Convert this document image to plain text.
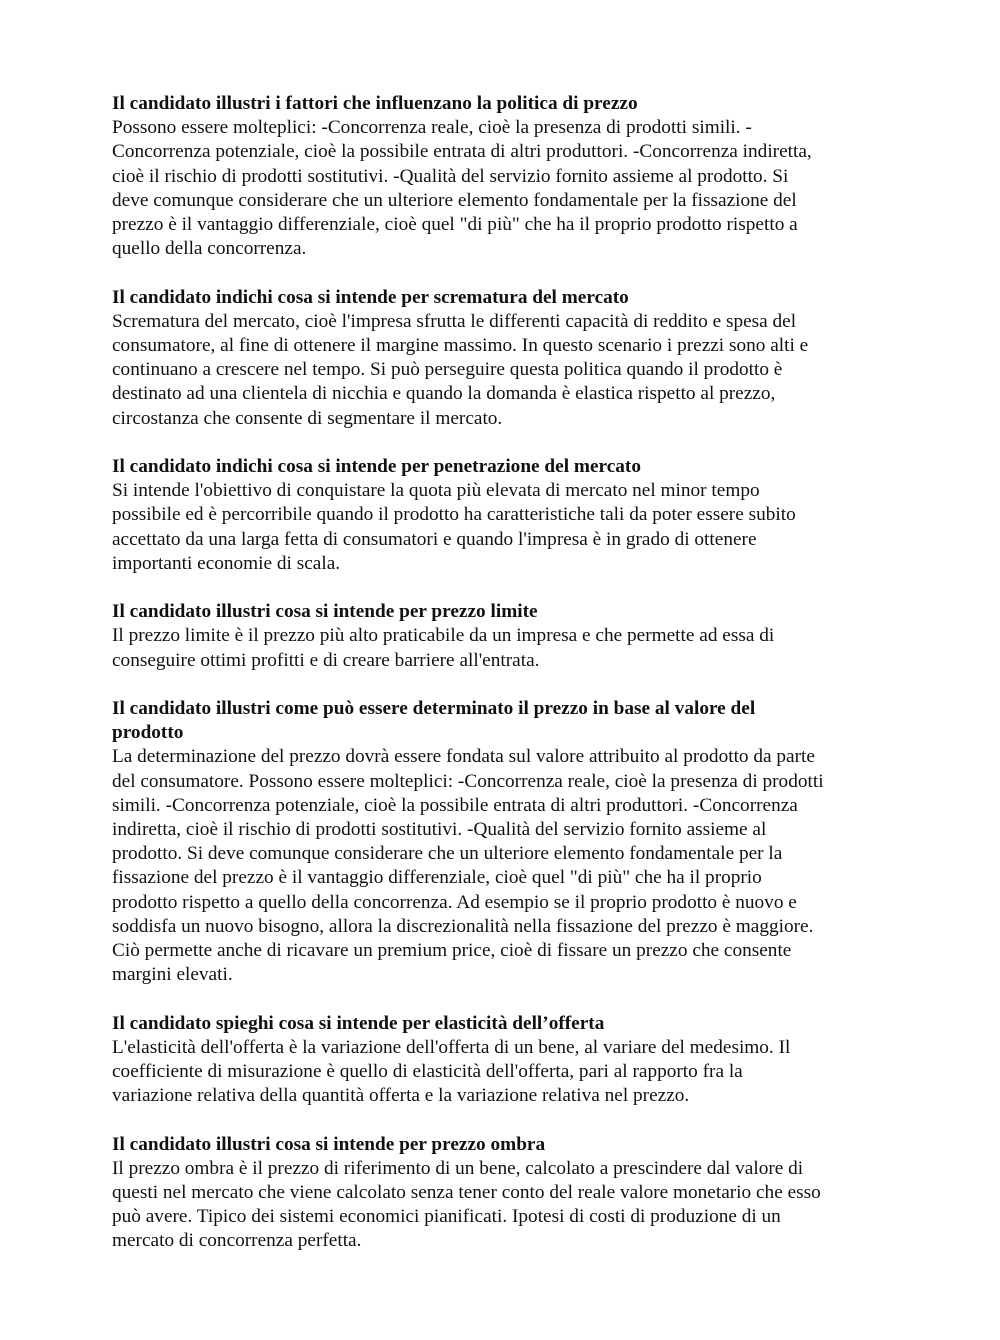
Il candidato illustri i fattori che influenzano la politica di prezzo

Possono essere molteplici: -Concorrenza reale, cioè la presenza di prodotti simili. -
Concorrenza potenziale, cioè la possibile entrata di altri produttori. -Concorrenza indiretta,
cioè il rischio di prodotti sostitutivi. -Qualità del servizio fornito assieme al prodotto. Si
deve comunque considerare che un ulteriore elemento fondamentale per la fissazione del
prezzo è il vantaggio differenziale, cioè quel "di più" che ha il proprio prodotto rispetto a
quello della concorrenza.

Il candidato indichi cosa si intende per scrematura del mercato

Scrematura del mercato, cioè l'impresa sfrutta le differenti capacità di reddito e spesa del
consumatore, al fine di ottenere il margine massimo. In questo scenario i prezzi sono alti e
continuano a crescere nel tempo. Si può perseguire questa politica quando il prodotto è
destinato ad una clientela di nicchia e quando la domanda è elastica rispetto al prezzo,
circostanza che consente di segmentare il mercato.

Il candidato indichi cosa si intende per penetrazione del mercato

Si intende l'obiettivo di conquistare la quota più elevata di mercato nel minor tempo
possibile ed è percorribile quando il prodotto ha caratteristiche tali da poter essere subito
accettato da una larga fetta di consumatori e quando l'impresa è in grado di ottenere
importanti economie di scala.

Il candidato illustri cosa si intende per prezzo limite

Il prezzo limite è il prezzo più alto praticabile da un impresa e che permette ad essa di
conseguire ottimi profitti e di creare barriere all'entrata.

Il candidato illustri come può essere determinato il prezzo in base al valore del
prodotto

La determinazione del prezzo dovrà essere fondata sul valore attribuito al prodotto da parte
del consumatore. Possono essere molteplici: -Concorrenza reale, cioè la presenza di prodotti
simili. -Concorrenza potenziale, cioè la possibile entrata di altri produttori. -Concorrenza
indiretta, cioè il rischio di prodotti sostitutivi. -Qualità del servizio fornito assieme al
prodotto. Si deve comunque considerare che un ulteriore elemento fondamentale per la
fissazione del prezzo è il vantaggio differenziale, cioè quel "di più" che ha il proprio
prodotto rispetto a quello della concorrenza. Ad esempio se il proprio prodotto è nuovo e
soddisfa un nuovo bisogno, allora la discrezionalità nella fissazione del prezzo è maggiore.
Ciò permette anche di ricavare un premium price, cioè di fissare un prezzo che consente
margini elevati.

Il candidato spieghi cosa si intende per elasticità dell’offerta

L'elasticità dell'offerta è la variazione dell'offerta di un bene, al variare del medesimo. Il
coefficiente di misurazione è quello di elasticità dell'offerta, pari al rapporto fra la
variazione relativa della quantità offerta e la variazione relativa nel prezzo.

Il candidato illustri cosa si intende per prezzo ombra

Il prezzo ombra è il prezzo di riferimento di un bene, calcolato a prescindere dal valore di
questi nel mercato che viene calcolato senza tener conto del reale valore monetario che esso
può avere. Tipico dei sistemi economici pianificati. Ipotesi di costi di produzione di un
mercato di concorrenza perfetta.
